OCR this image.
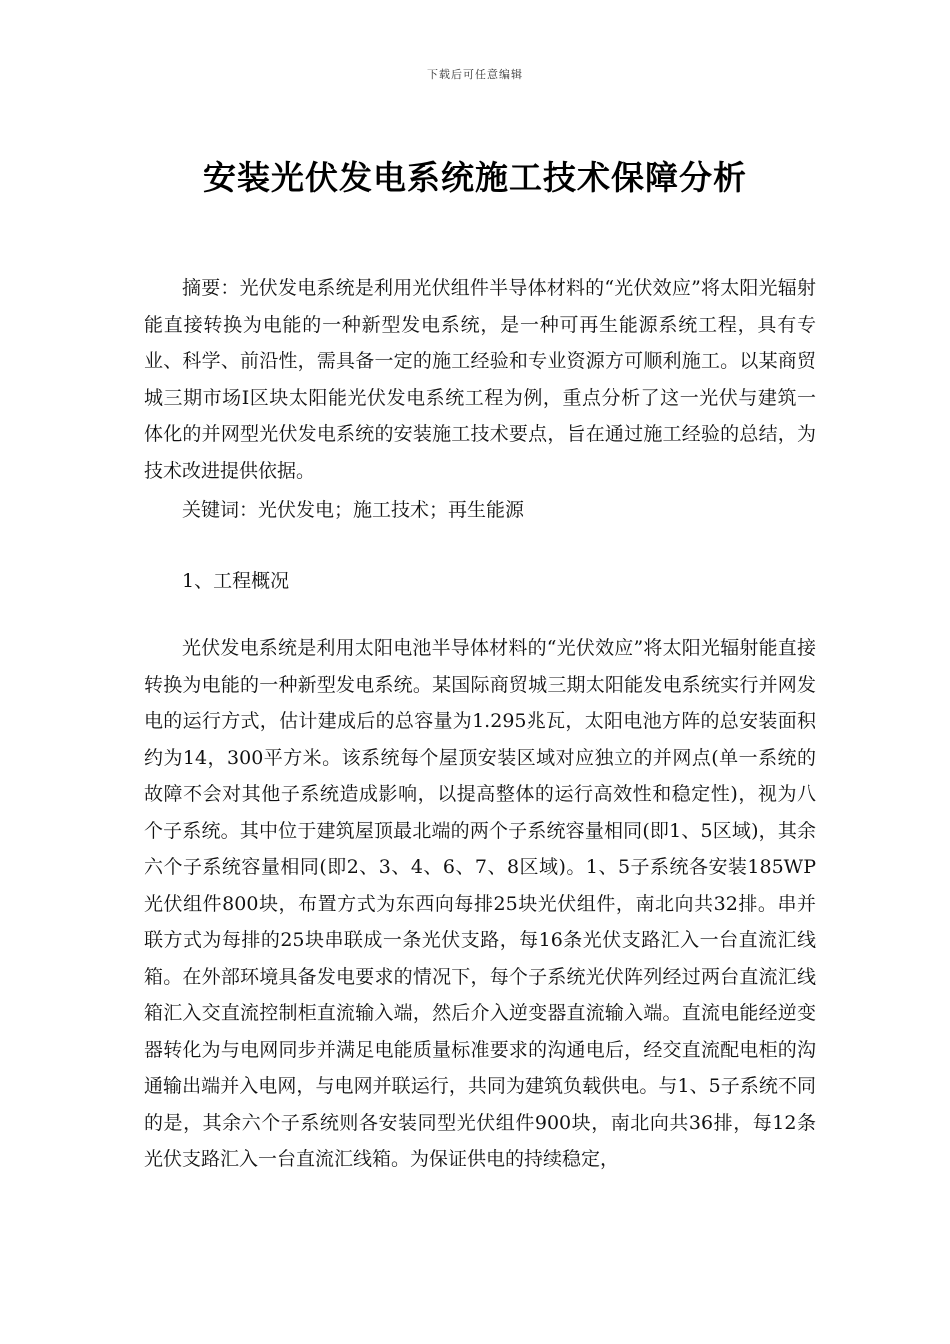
下载后可任意编辑
安装光伏发电系统施工技术保障分析

摘要：光伏发电系统是利用光伏组件半导体材料的“光伏效应”将太阳光辐射能直接转换为电能的一种新型发电系统，是一种可再生能源系统工程，具有专业、科学、前沿性，需具备一定的施工经验和专业资源方可顺利施工。以某商贸城三期市场Ⅰ区块太阳能光伏发电系统工程为例，重点分析了这一光伏与建筑一体化的并网型光伏发电系统的安装施工技术要点，旨在通过施工经验的总结，为技术改进提供依据。

关键词：光伏发电；施工技术；再生能源

1、工程概况

光伏发电系统是利用太阳电池半导体材料的“光伏效应”将太阳光辐射能直接转换为电能的一种新型发电系统。某国际商贸城三期太阳能发电系统实行并网发电的运行方式，估计建成后的总容量为1.295兆瓦，太阳电池方阵的总安装面积约为14，300平方米。该系统每个屋顶安装区域对应独立的并网点(单一系统的故障不会对其他子系统造成影响，以提高整体的运行高效性和稳定性)，视为八个子系统。其中位于建筑屋顶最北端的两个子系统容量相同(即1、5区域)，其余六个子系统容量相同(即2、3、4、6、7、8区域)。1、5子系统各安装185WP光伏组件800块，布置方式为东西向每排25块光伏组件，南北向共32排。串并联方式为每排的25块串联成一条光伏支路，每16条光伏支路汇入一台直流汇线箱。在外部环境具备发电要求的情况下，每个子系统光伏阵列经过两台直流汇线箱汇入交直流控制柜直流输入端，然后介入逆变器直流输入端。直流电能经逆变器转化为与电网同步并满足电能质量标准要求的沟通电后，经交直流配电柜的沟通输出端并入电网，与电网并联运行，共同为建筑负载供电。与1、5子系统不同的是，其余六个子系统则各安装同型光伏组件900块，南北向共36排，每12条光伏支路汇入一台直流汇线箱。为保证供电的持续稳定，
